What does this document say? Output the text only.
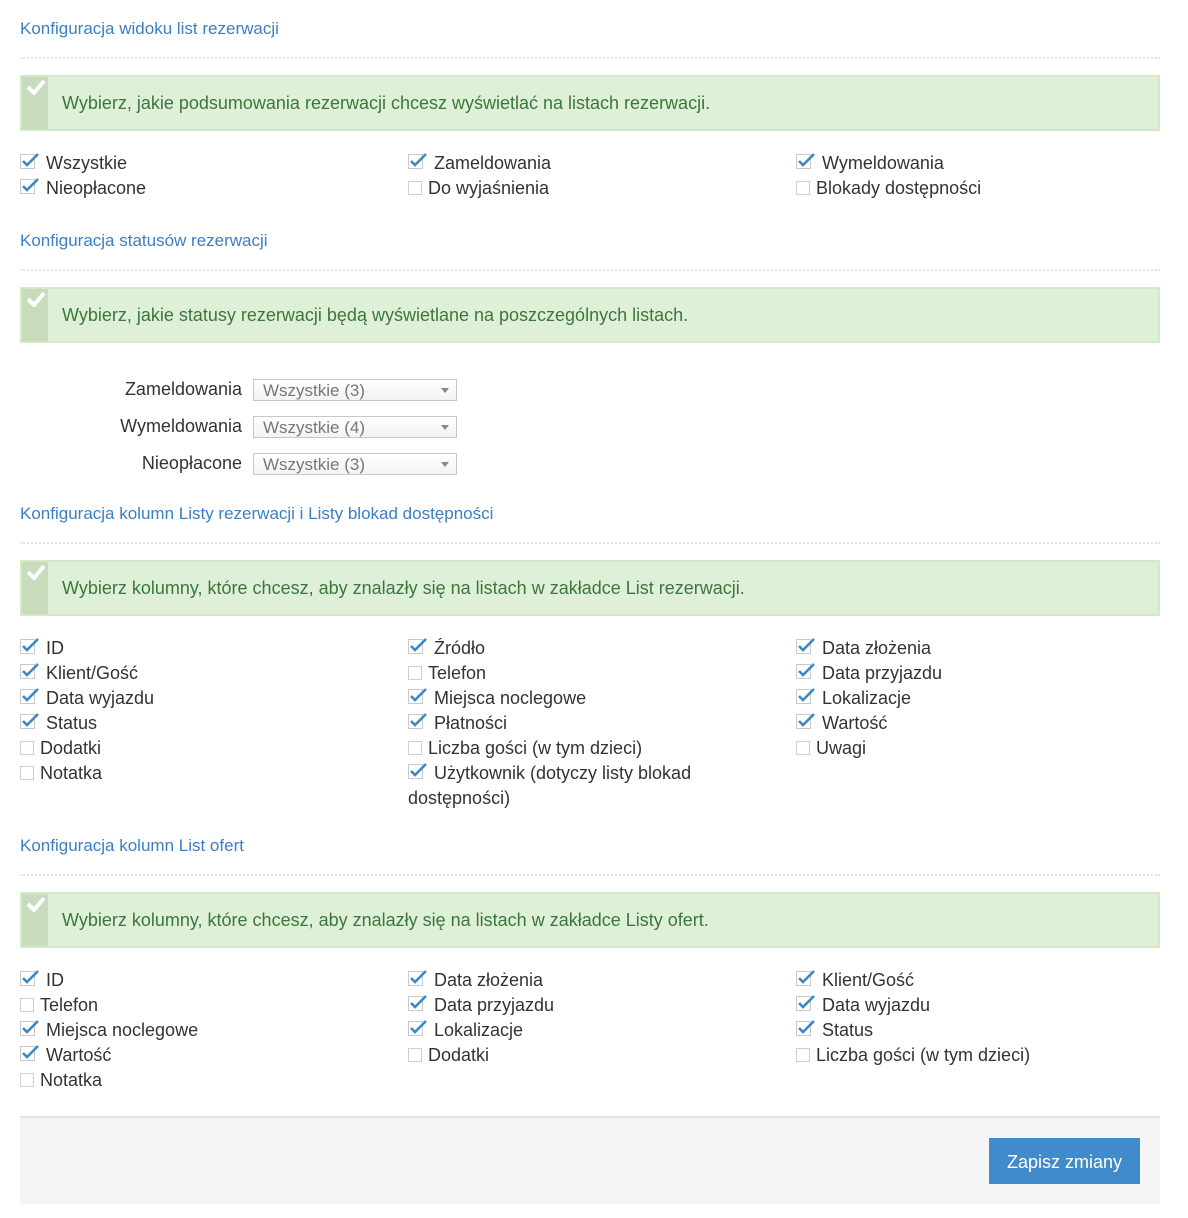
Konfiguracja widoku list rezerwacji
Wybierz, jakie podsumowania rezerwacji chcesz wyświetlać na listach rezerwacji.
Wszystkie	Zameldowania	Wymeldowania
Nieopłacone	Do wyjaśnienia	Blokady dostępności
Konfiguracja statusów rezerwacji
Wybierz, jakie statusy rezerwacji będą wyświetlane na poszczególnych listach.
Zameldowania	Wszystkie (3)
Wymeldowania	Wszystkie (4)
Nieopłacone	Wszystkie (3)
Konfiguracja kolumn Listy rezerwacji i Listy blokad dostępności
Wybierz kolumny, które chcesz, aby znalazły się na listach w zakładce List rezerwacji.
ID	Źródło	Data złożenia
Klient/Gość	Telefon	Data przyjazdu
Data wyjazdu	Miejsca noclegowe	Lokalizacje
Status	Płatności	Wartość
Dodatki	Liczba gości (w tym dzieci)	Uwagi
Notatka	Użytkownik (dotyczy listy blokad dostępności)
Konfiguracja kolumn List ofert
Wybierz kolumny, które chcesz, aby znalazły się na listach w zakładce Listy ofert.
ID	Data złożenia	Klient/Gość
Telefon	Data przyjazdu	Data wyjazdu
Miejsca noclegowe	Lokalizacje	Status
Wartość	Dodatki	Liczba gości (w tym dzieci)
Notatka
Zapisz zmiany
